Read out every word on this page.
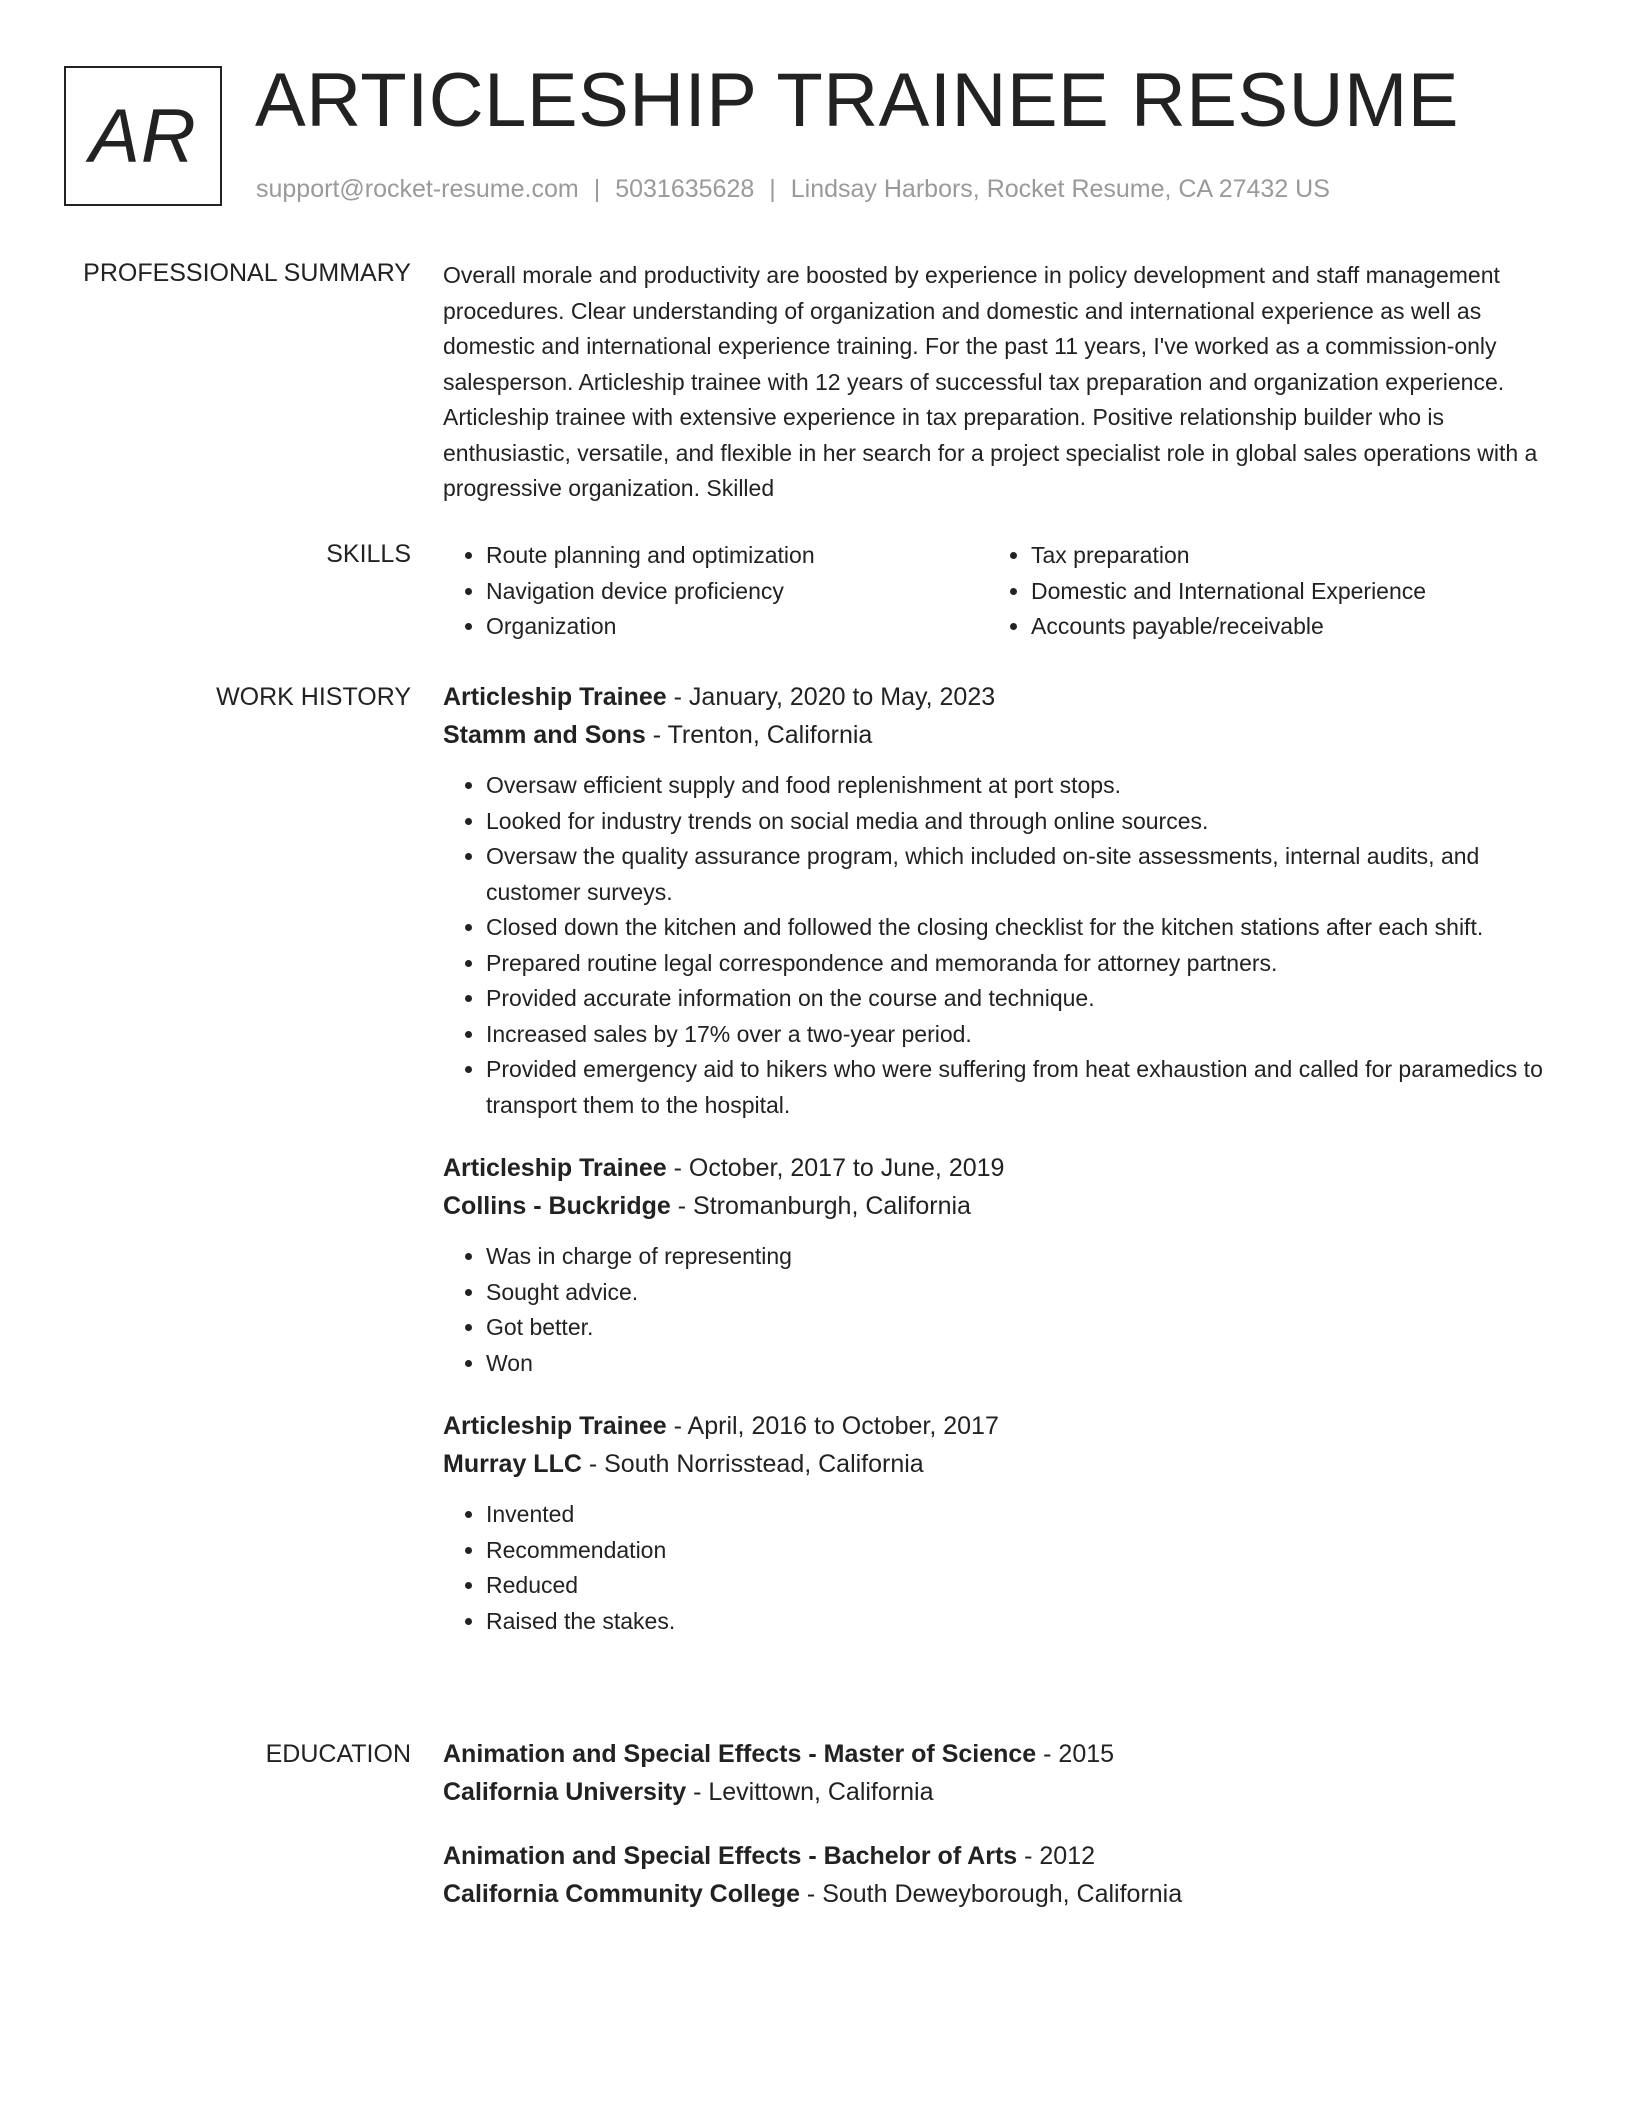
AR ARTICLESHIP TRAINEE RESUME
support@rocket-resume.com | 5031635628 | Lindsay Harbors, Rocket Resume, CA 27432 US
PROFESSIONAL SUMMARY Overall morale and productivity are boosted by experience in policy development and staff management procedures. Clear understanding of organization and domestic and international experience as well as domestic and international experience training. For the past 11 years, I've worked as a commission-only salesperson. Articleship trainee with 12 years of successful tax preparation and organization experience. Articleship trainee with extensive experience in tax preparation. Positive relationship builder who is enthusiastic, versatile, and flexible in her search for a project specialist role in global sales operations with a progressive organization. Skilled

SKILLS
•	Route planning and optimization
• Navigation device proficiency
• Organization
• Tax preparation
• Domestic and International Experience
• Accounts payable/receivable
WORK HISTORY Articleship Trainee - January, 2020 to May, 2023
Stamm and Sons - Trenton, California
• Oversaw efficient supply and food replenishment at port stops.
• Looked for industry trends on social media and through online sources.
• Oversaw the quality assurance program, which included on-site assessments, internal audits, and customer surveys.
• Closed down the kitchen and followed the closing checklist for the kitchen stations after each shift.
• Prepared routine legal correspondence and memoranda for attorney partners.
• Provided accurate information on the course and technique.
• Increased sales by 17% over a two-year period.
• Provided emergency aid to hikers who were suffering from heat exhaustion and called for paramedics to transport them to the hospital.
Articleship Trainee - October, 2017 to June, 2019
Collins - Buckridge - Stromanburgh, California
• Was in charge of representing
• Sought advice.
• Got better.
• Won
Articleship Trainee - April, 2016 to October, 2017
Murray LLC - South Norrisstead, California
• Invented
• Recommendation
• Reduced
• Raised the stakes.
EDUCATION Animation and Special Effects - Master of Science - 2015
California University - Levittown, California
Animation and Special Effects - Bachelor of Arts - 2012
California Community College - South Deweyborough, California
